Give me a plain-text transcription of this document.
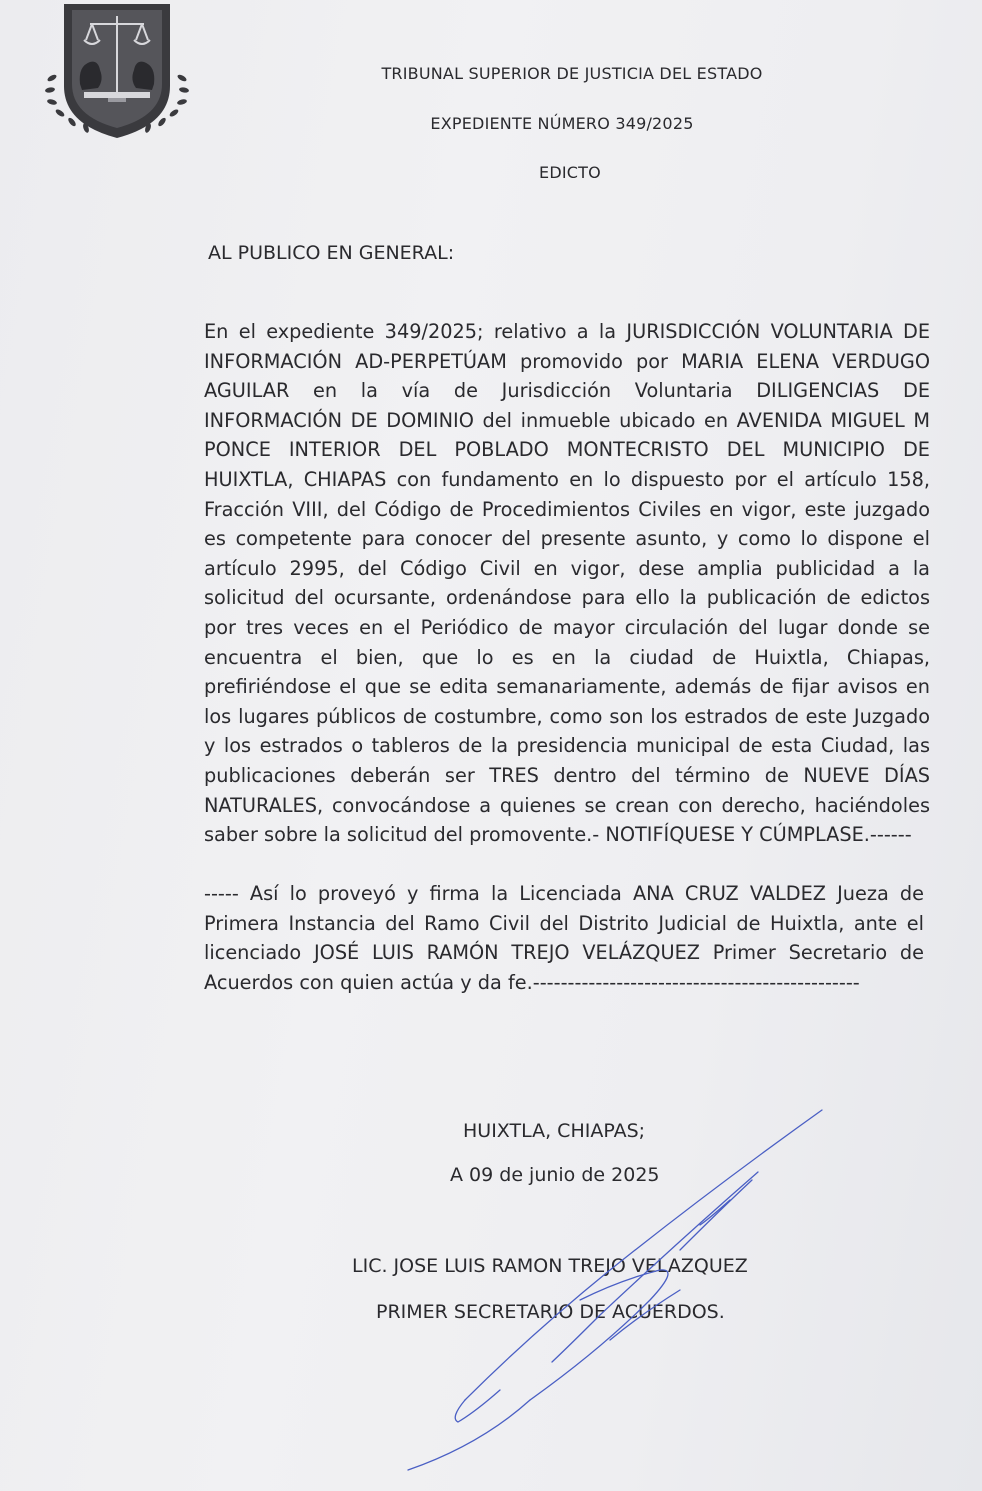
TRIBUNAL SUPERIOR DE JUSTICIA DEL ESTADO
EXPEDIENTE NÚMERO 349/2025
EDICTO
AL PUBLICO EN GENERAL:
En el expediente 349/2025; relativo a la JURISDICCIÓN VOLUNTARIA DE INFORMACIÓN AD-PERPETÚAM promovido por MARIA ELENA VERDUGO AGUILAR en la vía de Jurisdicción Voluntaria DILIGENCIAS DE INFORMACIÓN DE DOMINIO del inmueble ubicado en AVENIDA MIGUEL M PONCE INTERIOR DEL POBLADO MONTECRISTO DEL MUNICIPIO DE HUIXTLA, CHIAPAS con fundamento en lo dispuesto por el artículo 158, Fracción VIII, del Código de Procedimientos Civiles en vigor, este juzgado es competente para conocer del presente asunto, y como lo dispone el artículo 2995, del Código Civil en vigor, dese amplia publicidad a la solicitud del ocursante, ordenándose para ello la publicación de edictos por tres veces en el Periódico de mayor circulación del lugar donde se encuentra el bien, que lo es en la ciudad de Huixtla, Chiapas, prefiriéndose el que se edita semanariamente, además de fijar avisos en los lugares públicos de costumbre, como son los estrados de este Juzgado y los estrados o tableros de la presidencia municipal de esta Ciudad, las publicaciones deberán ser TRES dentro del término de NUEVE DÍAS NATURALES, convocándose a quienes se crean con derecho, haciéndoles saber sobre la solicitud del promovente.- NOTIFÍQUESE Y CÚMPLASE.------
----- Así lo proveyó y firma la Licenciada ANA CRUZ VALDEZ Jueza de Primera Instancia del Ramo Civil del Distrito Judicial de Huixtla, ante el licenciado JOSÉ LUIS RAMÓN TREJO VELÁZQUEZ Primer Secretario de Acuerdos con quien actúa y da fe.-----------------------------------------------
HUIXTLA, CHIAPAS;
A 09 de junio de 2025
LIC. JOSE LUIS RAMON TREJO VELAZQUEZ
PRIMER SECRETARIO DE ACUERDOS.
